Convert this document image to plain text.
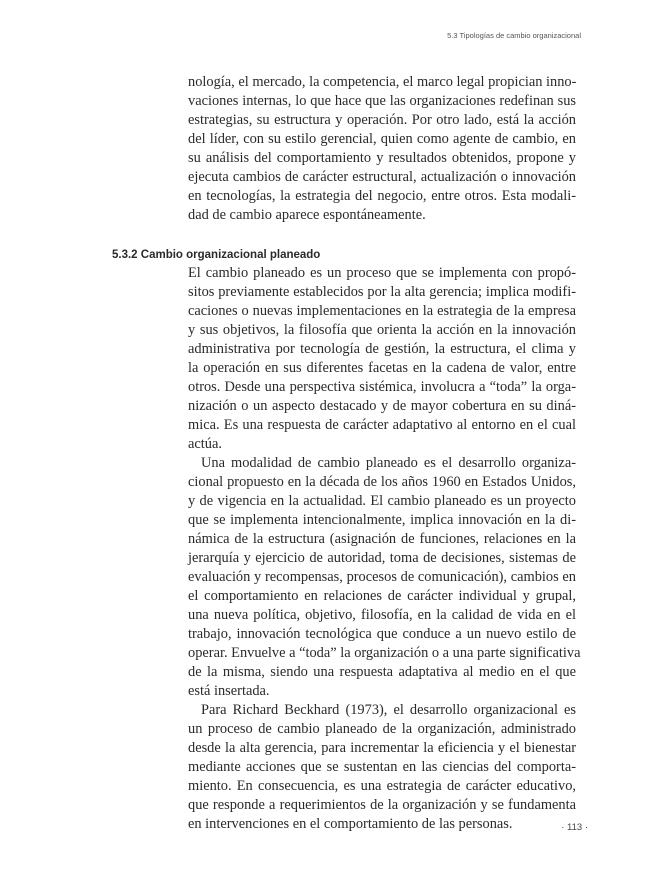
5.3 Tipologías de cambio organizacional
nología, el mercado, la competencia, el marco legal propician inno-
vaciones internas, lo que hace que las organizaciones redefinan sus
estrategias, su estructura y operación. Por otro lado, está la acción
del líder, con su estilo gerencial, quien como agente de cambio, en
su análisis del comportamiento y resultados obtenidos, propone y
ejecuta cambios de carácter estructural, actualización o innovación
en tecnologías, la estrategia del negocio, entre otros. Esta modali-
dad de cambio aparece espontáneamente.
5.3.2 Cambio organizacional planeado
El cambio planeado es un proceso que se implementa con propó-
sitos previamente establecidos por la alta gerencia; implica modifi-
caciones o nuevas implementaciones en la estrategia de la empresa
y sus objetivos, la filosofía que orienta la acción en la innovación
administrativa por tecnología de gestión, la estructura, el clima y
la operación en sus diferentes facetas en la cadena de valor, entre
otros. Desde una perspectiva sistémica, involucra a “toda” la orga-
nización o un aspecto destacado y de mayor cobertura en su diná-
mica. Es una respuesta de carácter adaptativo al entorno en el cual
actúa.
Una modalidad de cambio planeado es el desarrollo organiza-
cional propuesto en la década de los años 1960 en Estados Unidos,
y de vigencia en la actualidad. El cambio planeado es un proyecto
que se implementa intencionalmente, implica innovación en la di-
námica de la estructura (asignación de funciones, relaciones en la
jerarquía y ejercicio de autoridad, toma de decisiones, sistemas de
evaluación y recompensas, procesos de comunicación), cambios en
el comportamiento en relaciones de carácter individual y grupal,
una nueva política, objetivo, filosofía, en la calidad de vida en el
trabajo, innovación tecnológica que conduce a un nuevo estilo de
operar. Envuelve a “toda” la organización o a una parte significativa
de la misma, siendo una respuesta adaptativa al medio en el que
está insertada.
Para Richard Beckhard (1973), el desarrollo organizacional es
un proceso de cambio planeado de la organización, administrado
desde la alta gerencia, para incrementar la eficiencia y el bienestar
mediante acciones que se sustentan en las ciencias del comporta-
miento. En consecuencia, es una estrategia de carácter educativo,
que responde a requerimientos de la organización y se fundamenta
en intervenciones en el comportamiento de las personas.	· 113 ·
